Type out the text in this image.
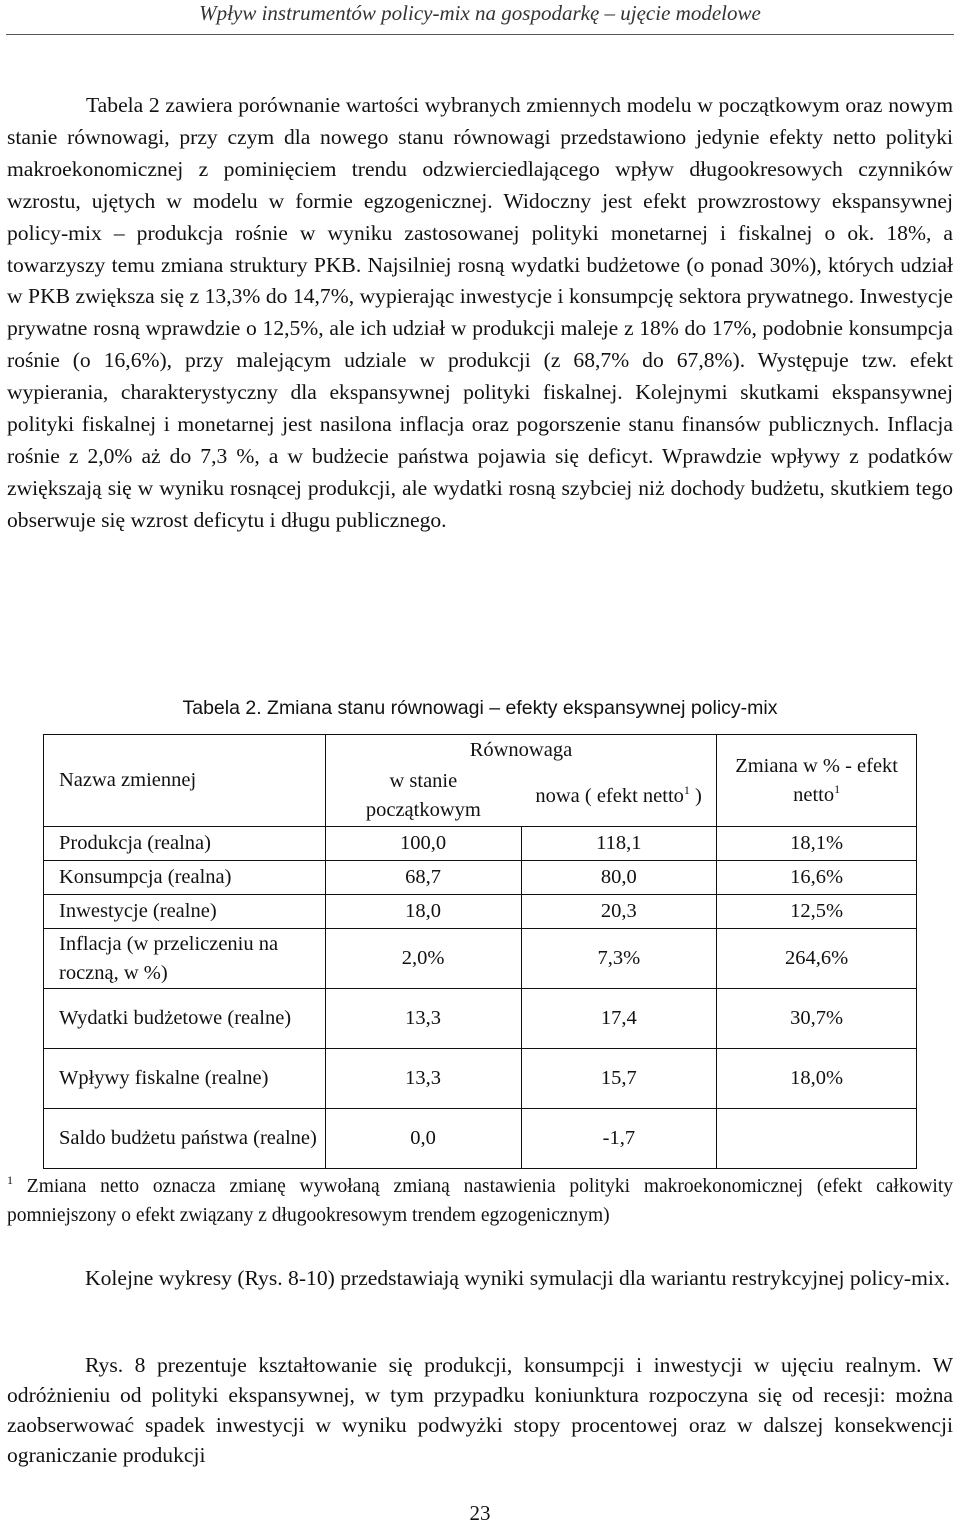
Wpływ instrumentów policy-mix na gospodarkę – ujęcie modelowe

Tabela 2 zawiera porównanie wartości wybranych zmiennych modelu w początkowym oraz nowym stanie równowagi, przy czym dla nowego stanu równowagi przedstawiono jedynie efekty netto polityki makroekonomicznej z pominięciem trendu odzwierciedlającego wpływ długookresowych czynników wzrostu, ujętych w modelu w formie egzogenicznej. Widoczny jest efekt prowzrostowy ekspansywnej policy-mix – produkcja rośnie w wyniku zastosowanej polityki monetarnej i fiskalnej o ok. 18%, a towarzyszy temu zmiana struktury PKB. Najsilniej rosną wydatki budżetowe (o ponad 30%), których udział w PKB zwiększa się z 13,3% do 14,7%, wypierając inwestycje i konsumpcję sektora prywatnego. Inwestycje prywatne rosną wprawdzie o 12,5%, ale ich udział w produkcji maleje z 18% do 17%, podobnie konsumpcja rośnie (o 16,6%), przy malejącym udziale w produkcji (z 68,7% do 67,8%). Występuje tzw. efekt wypierania, charakterystyczny dla ekspansywnej polityki fiskalnej. Kolejnymi skutkami ekspansywnej polityki fiskalnej i monetarnej jest nasilona inflacja oraz pogorszenie stanu finansów publicznych. Inflacja rośnie z 2,0% aż do 7,3 %, a w budżecie państwa pojawia się deficyt. Wprawdzie wpływy z podatków zwiększają się w wyniku rosnącej produkcji, ale wydatki rosną szybciej niż dochody budżetu, skutkiem tego obserwuje się wzrost deficytu i długu publicznego.

Tabela 2. Zmiana stanu równowagi – efekty ekspansywnej policy-mix
Nazwa zmiennej	Równowaga		Zmiana w % - efekt netto$^1$
	w stanie początkowym	nowa ( efekt netto$^1$ )	
Produkcja (realna)	100,0	118,1	18,1%
Konsumpcja (realna)	68,7	80,0	16,6%
Inwestycje (realne)	18,0	20,3	12,5%
Inflacja (w przeliczeniu na roczną, w %)	2,0%	7,3%	264,6%
Wydatki budżetowe (realne)	13,3	17,4	30,7%
Wpływy fiskalne (realne)	13,3	15,7	18,0%
Saldo budżetu państwa (realne)	0,0	-1,7	

$^1$ Zmiana netto oznacza zmianę wywołaną zmianą nastawienia polityki makroekonomicznej (efekt całkowity pomniejszony o efekt związany z długookresowym trendem egzogenicznym)

Kolejne wykresy (Rys. 8-10) przedstawiają wyniki symulacji dla wariantu restrykcyjnej policy-mix.

Rys. 8 prezentuje kształtowanie się produkcji, konsumpcji i inwestycji w ujęciu realnym. W odróżnieniu od polityki ekspansywnej, w tym przypadku koniunktura rozpoczyna się od recesji: można zaobserwować spadek inwestycji w wyniku podwyżki stopy procentowej oraz w dalszej konsekwencji ograniczanie produkcji

23
